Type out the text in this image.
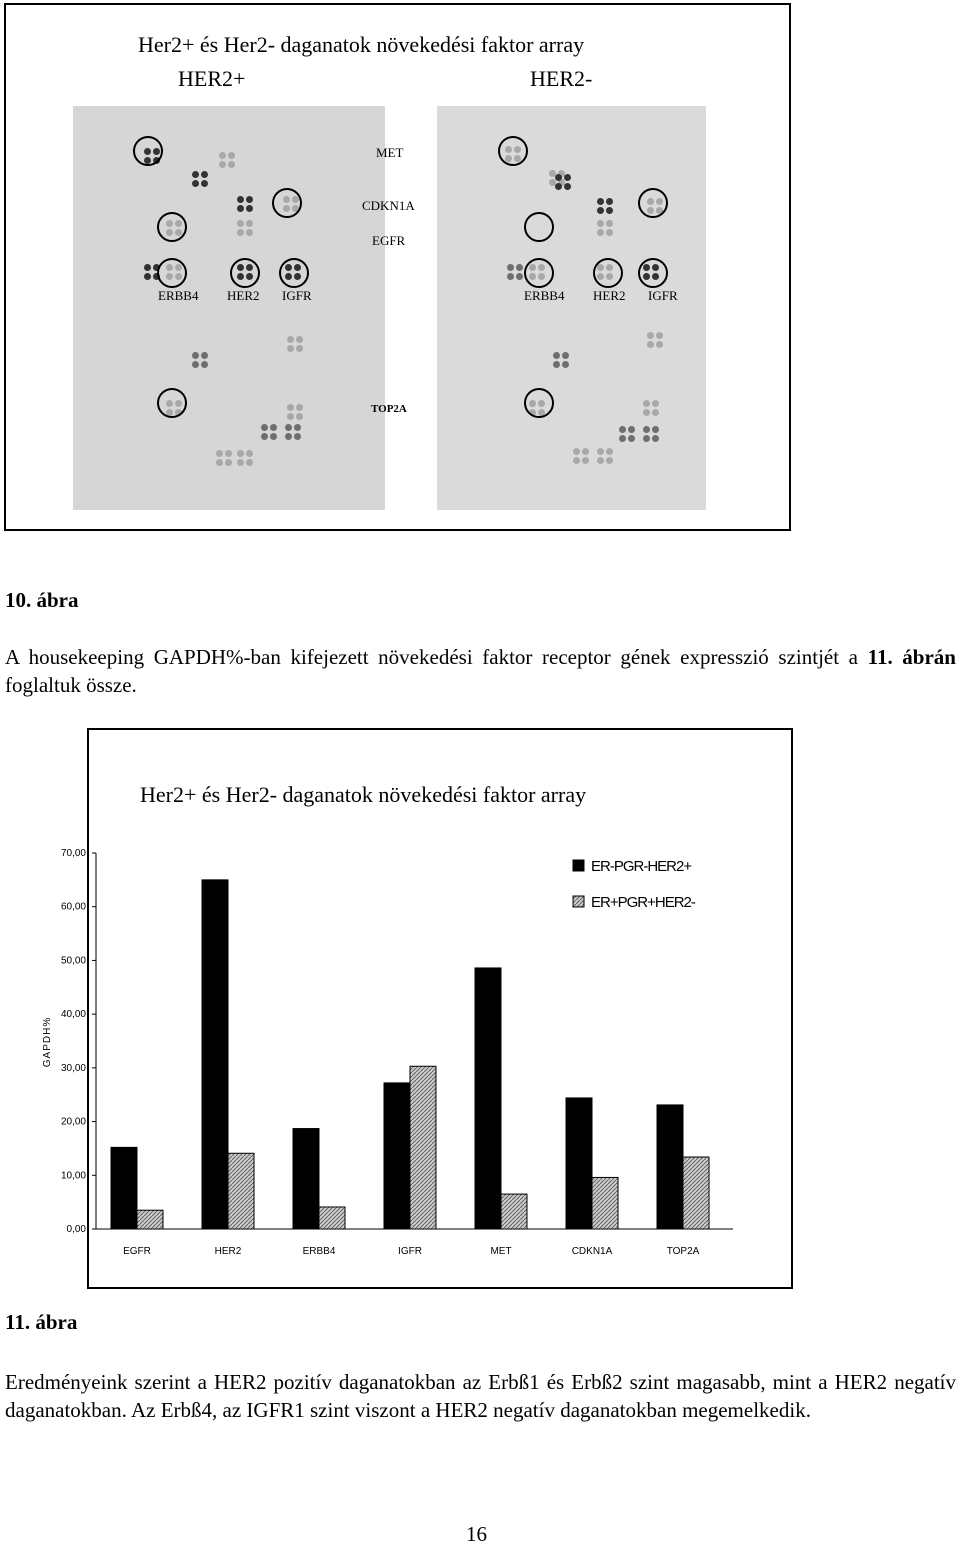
Her2+ és Her2- daganatok növekedési faktor array
HER2+	HER2-
MET
CDKN1A
EGFR
ERBB4 HER2 IGFR	ERBB4 HER2 IGFR
TOP2A
10. ábra
A housekeeping GAPDH%-ban kifejezett növekedési faktor receptor gének expresszió szintjét a 11. ábrán foglaltuk össze.
Her2+ és Her2- daganatok növekedési faktor array
0,00
10,00
20,00
30,00
40,00
50,00
60,00
70,00
GAPDH%
EGFR	HER2	ERBB4	IGFR	MET	CDKN1A	TOP2A
ER-PGR-HER2+
ER+PGR+HER2-
11. ábra
Eredményeink szerint a HER2 pozitív daganatokban az Erbß1 és Erbß2 szint magasabb, mint a HER2 negatív daganatokban. Az Erbß4, az IGFR1 szint viszont a HER2 negatív daganatokban megemelkedik.
16
